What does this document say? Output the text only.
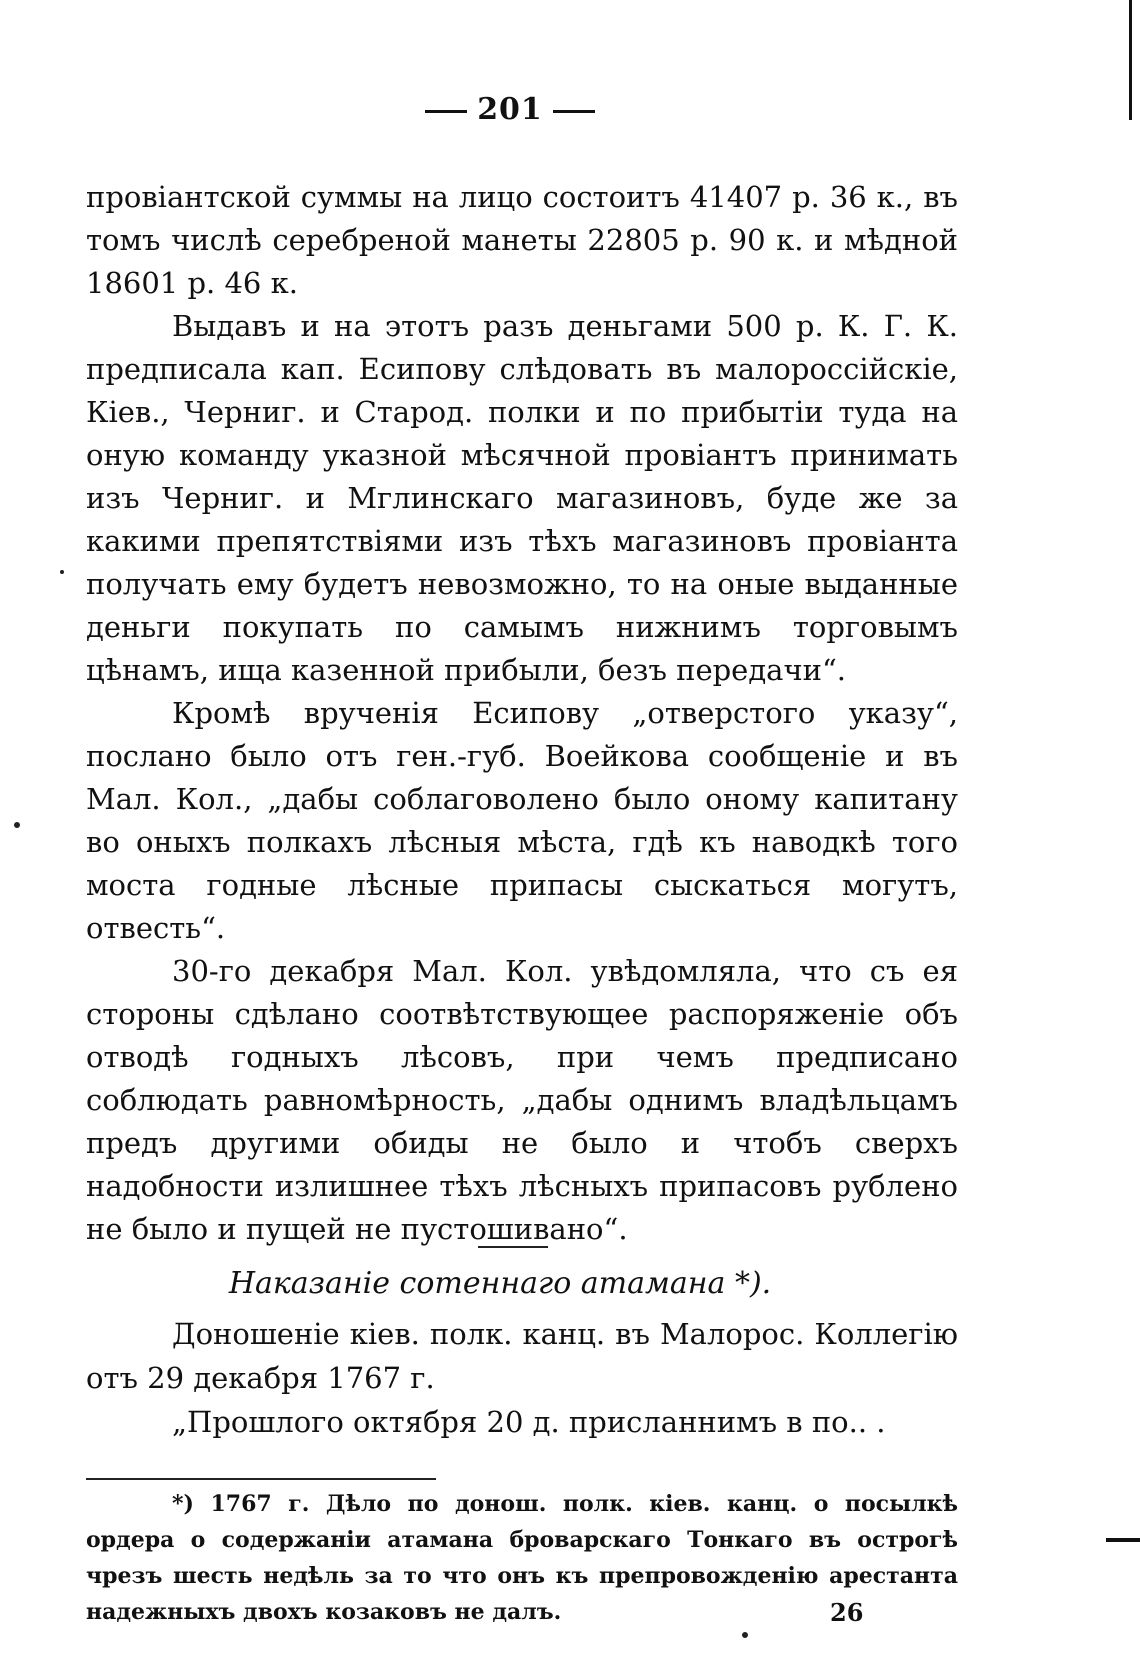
201

провіантской суммы на лицо состоитъ 41407 р. 36 к., въ томъ числѣ серебреной манеты 22805 р. 90 к. и мѣдной 18601 р. 46 к.

Выдавъ и на этотъ разъ деньгами 500 р. К. Г. К. предписала кап. Есипову слѣдовать въ малороссійскіе, Кіев., Черниг. и Старод. полки и по прибытіи туда на оную команду указной мѣсячной провіантъ принимать изъ Черниг. и Мглинскаго магазиновъ, буде же за какими препятствіями изъ тѣхъ магазиновъ провіанта получать ему будетъ невозможно, то на оные выданные деньги покупать по самымъ нижнимъ торговымъ цѣнамъ, ища казенной прибыли, безъ передачи“.

Кромѣ врученія Есипову „отверстого указу“, послано было отъ ген.-губ. Воейкова сообщеніе и въ Мал. Кол., „дабы соблаговолено было оному капитану во оныхъ полкахъ лѣсныя мѣста, гдѣ къ наводкѣ того моста годные лѣсные припасы сыскаться могутъ, отвесть“.

30-го декабря Мал. Кол. увѣдомляла, что съ ея стороны сдѣлано соотвѣтствующее распоряженіе объ отводѣ годныхъ лѣсовъ, при чемъ предписано соблюдать равномѣрность, „дабы однимъ владѣльцамъ предъ другими обиды не было и чтобъ сверхъ надобности излишнее тѣхъ лѣсныхъ припасовъ рублено не было и пущей не пустошивано“.

Наказаніе сотеннаго атамана *).

Доношеніе кіев. полк. канц. въ Малорос. Коллегію отъ 29 декабря 1767 г.

„Прошлого октября 20 д. присланнимъ в по.. .

*) 1767 г. Дѣло по донош. полк. кіев. канц. о посылкѣ ордера о содержаніи атамана броварскаго Тонкаго въ острогѣ чрезъ шесть недѣль за то что онъ къ препровожденію арестанта надежныхъ двохъ козаковъ не далъ.	26
